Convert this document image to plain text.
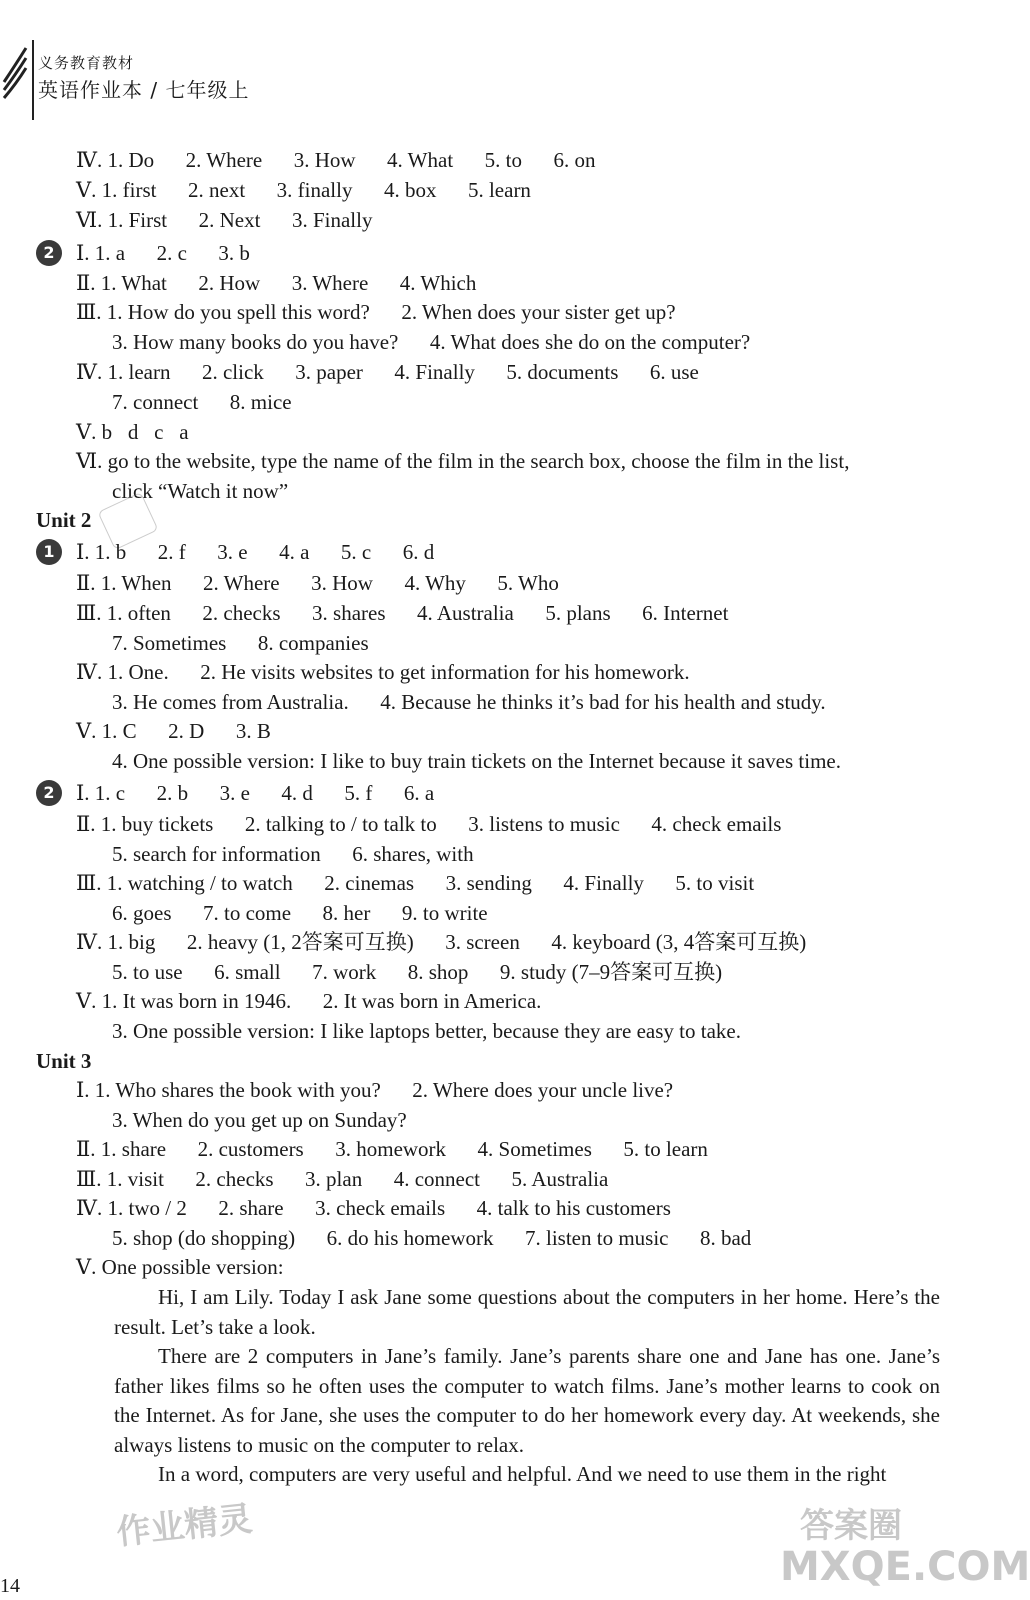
义务教育教材
英语作业本 / 七年级上
Ⅳ. 1. Do      2. Where      3. How      4. What      5. to      6. on
Ⅴ. 1. first      2. next      3. finally      4. box      5. learn
Ⅵ. 1. First      2. Next      3. Finally
2	Ⅰ. 1. a      2. c      3. b
Ⅱ. 1. What      2. How      3. Where      4. Which
Ⅲ. 1. How do you spell this word?      2. When does your sister get up?
3. How many books do you have?      4. What does she do on the computer?
Ⅳ. 1. learn      2. click      3. paper      4. Finally      5. documents      6. use
7. connect      8. mice
Ⅴ. b   d   c   a
Ⅵ. go to the website, type the name of the film in the search box, choose the film in the list,
click “Watch it now”
Unit 2
1	Ⅰ. 1. b      2. f      3. e      4. a      5. c      6. d
Ⅱ. 1. When      2. Where      3. How      4. Why      5. Who
Ⅲ. 1. often      2. checks      3. shares      4. Australia      5. plans      6. Internet
7. Sometimes      8. companies
Ⅳ. 1. One.      2. He visits websites to get information for his homework.
3. He comes from Australia.      4. Because he thinks it’s bad for his health and study.
Ⅴ. 1. C      2. D      3. B
4. One possible version: I like to buy train tickets on the Internet because it saves time.
2	Ⅰ. 1. c      2. b      3. e      4. d      5. f      6. a
Ⅱ. 1. buy tickets      2. talking to / to talk to      3. listens to music      4. check emails
5. search for information      6. shares, with
Ⅲ. 1. watching / to watch      2. cinemas      3. sending      4. Finally      5. to visit
6. goes      7. to come      8. her      9. to write
Ⅳ. 1. big      2. heavy (1, 2答案可互换)      3. screen      4. keyboard (3, 4答案可互换)
5. to use      6. small      7. work      8. shop      9. study (7–9答案可互换)
Ⅴ. 1. It was born in 1946.      2. It was born in America.
3. One possible version: I like laptops better, because they are easy to take.
Unit 3
Ⅰ. 1. Who shares the book with you?      2. Where does your uncle live?
3. When do you get up on Sunday?
Ⅱ. 1. share      2. customers      3. homework      4. Sometimes      5. to learn
Ⅲ. 1. visit      2. checks      3. plan      4. connect      5. Australia
Ⅳ. 1. two / 2      2. share      3. check emails      4. talk to his customers
5. shop (do shopping)      6. do his homework      7. listen to music      8. bad
Ⅴ. One possible version:
Hi, I am Lily. Today I ask Jane some questions about the computers in her home. Here’s the result. Let’s take a look.
There are 2 computers in Jane’s family. Jane’s parents share one and Jane has one. Jane’s father likes films so he often uses the computer to watch films. Jane’s mother learns to cook on the Internet. As for Jane, she uses the computer to do her homework every day. At weekends, she always listens to music on the computer to relax.
In a word, computers are very useful and helpful. And we need to use them in the right
作业精灵	答案圈
MXQE.COM
14
